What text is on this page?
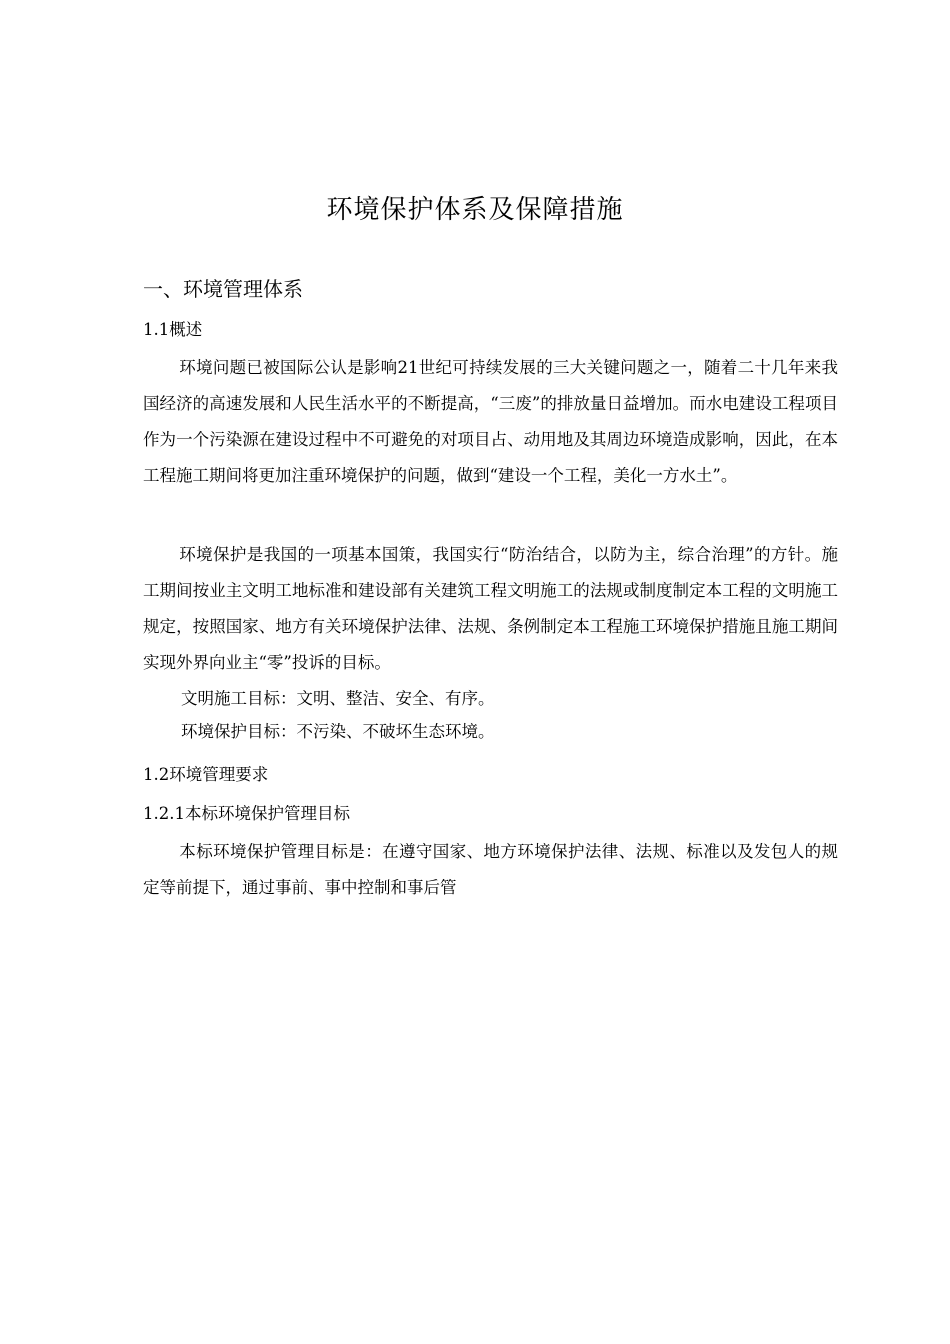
环境保护体系及保障措施
一、环境管理体系
1.1概述

环境问题已被国际公认是影响21世纪可持续发展的三大关键问题之一，随着二十几年来我国经济的高速发展和人民生活水平的不断提高，“三废”的排放量日益增加。而水电建设工程项目作为一个污染源在建设过程中不可避免的对项目占、动用地及其周边环境造成影响，因此，在本工程施工期间将更加注重环境保护的问题，做到“建设一个工程，美化一方水土”。

环境保护是我国的一项基本国策，我国实行“防治结合，以防为主，综合治理”的方针。施工期间按业主文明工地标准和建设部有关建筑工程文明施工的法规或制度制定本工程的文明施工规定，按照国家、地方有关环境保护法律、法规、条例制定本工程施工环境保护措施且施工期间实现外界向业主“零”投诉的目标。

文明施工目标：文明、整洁、安全、有序。
环境保护目标：不污染、不破坏生态环境。
1.2环境管理要求
1.2.1本标环境保护管理目标

本标环境保护管理目标是：在遵守国家、地方环境保护法律、法规、标准以及发包人的规定等前提下，通过事前、事中控制和事后管
